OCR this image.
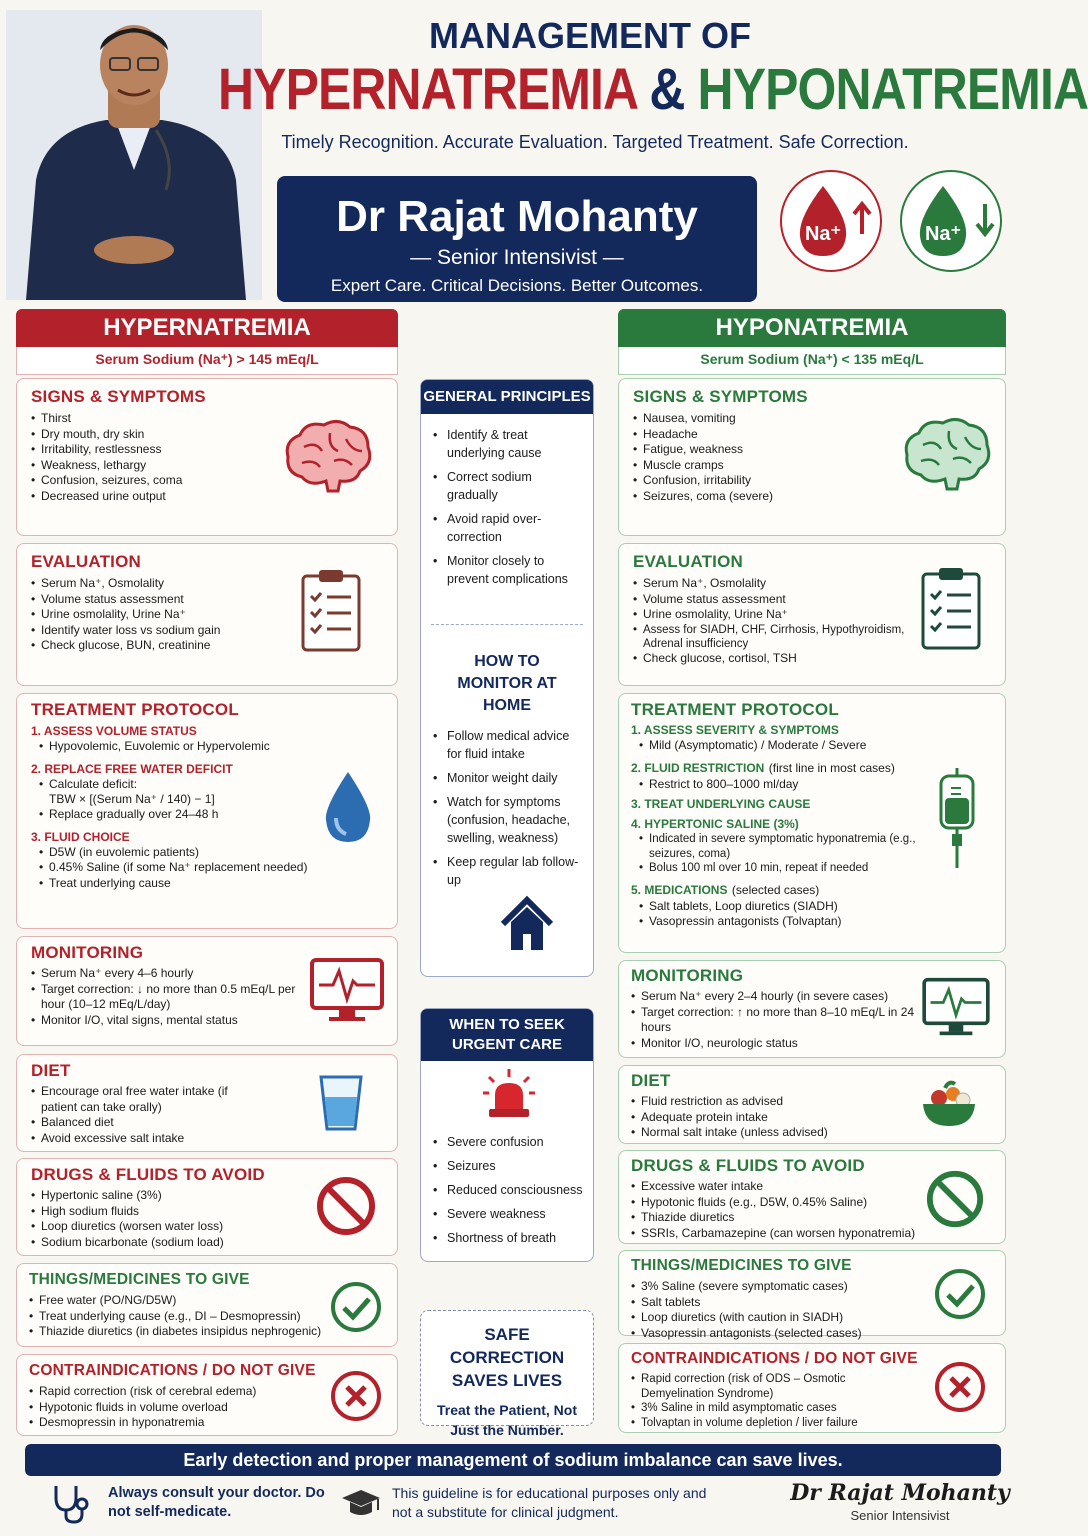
MANAGEMENT OF
HYPERNATREMIA & HYPONATREMIA
Timely Recognition. Accurate Evaluation. Targeted Treatment. Safe Correction.
Dr Rajat Mohanty
— Senior Intensivist —
Expert Care. Critical Decisions. Better Outcomes.
Na⁺	Na⁺
HYPERNATREMIA
Serum Sodium (Na⁺) > 145 mEq/L
HYPONATREMIA
Serum Sodium (Na⁺) < 135 mEq/L
SIGNS & SYMPTOMS
• Thirst
• Dry mouth, dry skin
• Irritability, restlessness
• Weakness, lethargy
• Confusion, seizures, coma
• Decreased urine output
EVALUATION
• Serum Na⁺, Osmolality
• Volume status assessment
• Urine osmolality, Urine Na⁺
• Identify water loss vs sodium gain
• Check glucose, BUN, creatinine
TREATMENT PROTOCOL
1. ASSESS VOLUME STATUS
• Hypovolemic, Euvolemic or Hypervolemic
2. REPLACE FREE WATER DEFICIT
• Calculate deficit:
TBW × [(Serum Na⁺ / 140) − 1]
• Replace gradually over 24–48 h
3. FLUID CHOICE
• D5W (in euvolemic patients)
• 0.45% Saline (if some Na⁺ replacement needed)
• Treat underlying cause
MONITORING
• Serum Na⁺ every 4–6 hourly
• Target correction: ↓ no more than 0.5 mEq/L per hour (10–12 mEq/L/day)
• Monitor I/O, vital signs, mental status
DIET
• Encourage oral free water intake (if patient can take orally)
• Balanced diet
• Avoid excessive salt intake
DRUGS & FLUIDS TO AVOID
• Hypertonic saline (3%)
• High sodium fluids
• Loop diuretics (worsen water loss)
• Sodium bicarbonate (sodium load)
THINGS/MEDICINES TO GIVE
• Free water (PO/NG/D5W)
• Treat underlying cause (e.g., DI – Desmopressin)
• Thiazide diuretics (in diabetes insipidus nephrogenic)
CONTRAINDICATIONS / DO NOT GIVE
• Rapid correction (risk of cerebral edema)
• Hypotonic fluids in volume overload
• Desmopressin in hyponatremia
GENERAL PRINCIPLES
• Identify & treat underlying cause
• Correct sodium gradually
• Avoid rapid over-correction
• Monitor closely to prevent complications
HOW TO MONITOR AT HOME
• Follow medical advice for fluid intake
• Monitor weight daily
• Watch for symptoms (confusion, headache, swelling, weakness)
• Keep regular lab follow-up
WHEN TO SEEK URGENT CARE
• Severe confusion
• Seizures
• Reduced consciousness
• Severe weakness
• Shortness of breath
SAFE CORRECTION SAVES LIVES
Treat the Patient, Not Just the Number.
SIGNS & SYMPTOMS
• Nausea, vomiting
• Headache
• Fatigue, weakness
• Muscle cramps
• Confusion, irritability
• Seizures, coma (severe)
EVALUATION
• Serum Na⁺, Osmolality
• Volume status assessment
• Urine osmolality, Urine Na⁺
• Assess for SIADH, CHF, Cirrhosis, Hypothyroidism, Adrenal insufficiency
• Check glucose, cortisol, TSH
TREATMENT PROTOCOL
1. ASSESS SEVERITY & SYMPTOMS
• Mild (Asymptomatic) / Moderate / Severe
2. FLUID RESTRICTION (first line in most cases)
• Restrict to 800–1000 ml/day
3. TREAT UNDERLYING CAUSE
4. HYPERTONIC SALINE (3%)
• Indicated in severe symptomatic hyponatremia (e.g., seizures, coma)
• Bolus 100 ml over 10 min, repeat if needed
5. MEDICATIONS (selected cases)
• Salt tablets, Loop diuretics (SIADH)
• Vasopressin antagonists (Tolvaptan)
MONITORING
• Serum Na⁺ every 2–4 hourly (in severe cases)
• Target correction: ↑ no more than 8–10 mEq/L in 24 hours
• Monitor I/O, neurologic status
DIET
• Fluid restriction as advised
• Adequate protein intake
• Normal salt intake (unless advised)
DRUGS & FLUIDS TO AVOID
• Excessive water intake
• Hypotonic fluids (e.g., D5W, 0.45% Saline)
• Thiazide diuretics
• SSRIs, Carbamazepine (can worsen hyponatremia)
THINGS/MEDICINES TO GIVE
• 3% Saline (severe symptomatic cases)
• Salt tablets
• Loop diuretics (with caution in SIADH)
• Vasopressin antagonists (selected cases)
CONTRAINDICATIONS / DO NOT GIVE
• Rapid correction (risk of ODS – Osmotic Demyelination Syndrome)
• 3% Saline in mild asymptomatic cases
• Tolvaptan in volume depletion / liver failure
Early detection and proper management of sodium imbalance can save lives.
Always consult your doctor. Do not self-medicate.
This guideline is for educational purposes only and not a substitute for clinical judgment.
Dr Rajat Mohanty
Senior Intensivist
